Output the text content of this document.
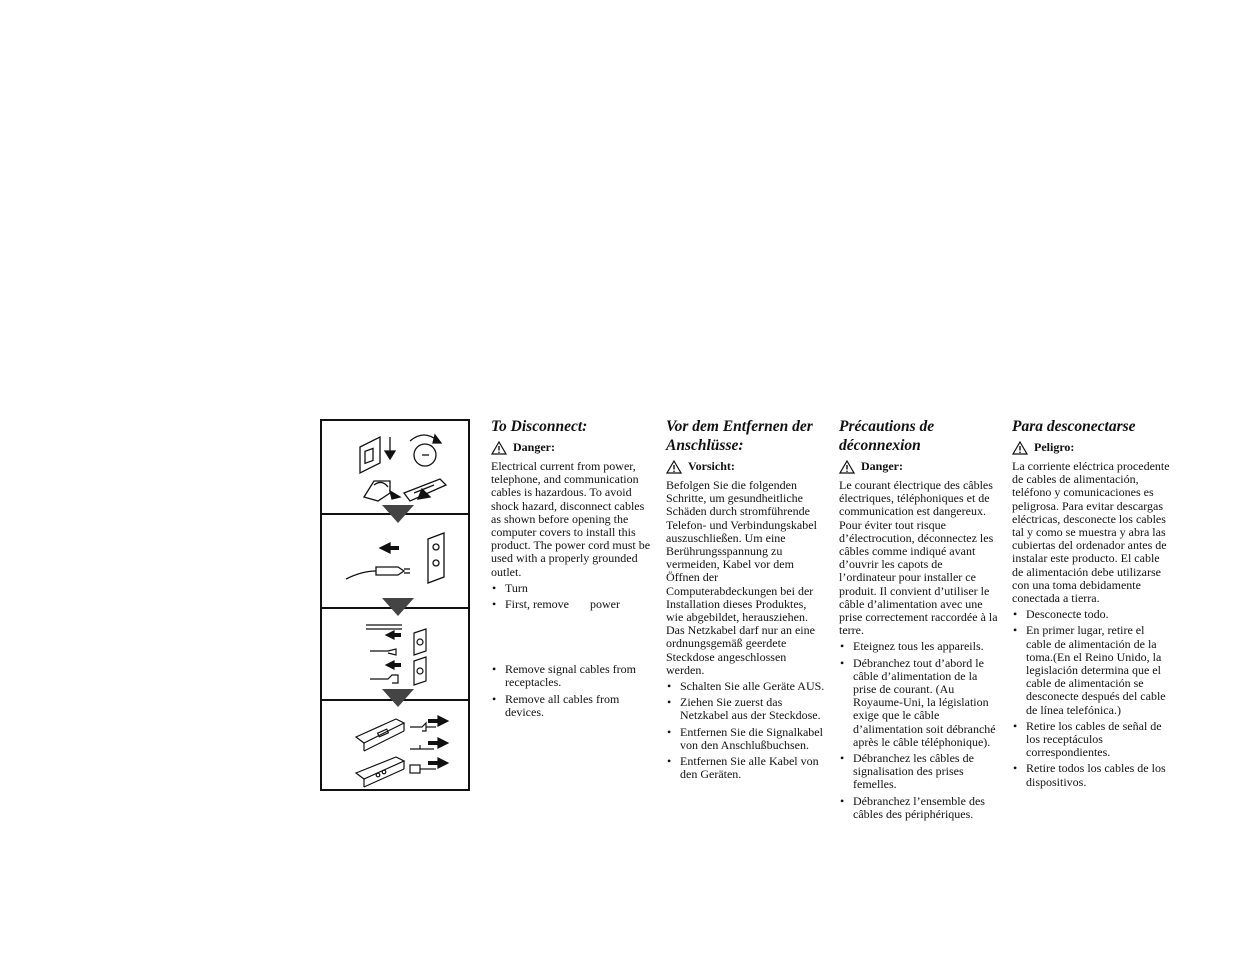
To Disconnect:
Danger:

Electrical current from power, telephone, and communication cables is hazardous. To avoid shock hazard, disconnect cables as shown before opening the computer covers to install this product. The power cord must be used with a properly grounded outlet.

• Turn
• First, remove       power
• Remove signal cables from receptacles.
• Remove all cables from devices.
Vor dem Entfernen der Anschlüsse:
Vorsicht:

Befolgen Sie die folgenden Schritte, um gesundheitliche Schäden durch stromführende Telefon- und Verbindungskabel auszuschließen. Um eine Berührungsspannung zu vermeiden, Kabel vor dem Öffnen der Computerabdeckungen bei der Installation dieses Produktes, wie abgebildet, herausziehen. Das Netzkabel darf nur an eine ordnungsgemäß geerdete Steckdose angeschlossen werden.

• Schalten Sie alle Geräte AUS.
• Ziehen Sie zuerst das Netzkabel aus der Steckdose.
• Entfernen Sie die Signalkabel von den Anschlußbuchsen.
• Entfernen Sie alle Kabel von den Geräten.
Précautions de déconnexion
Danger:

Le courant électrique des câbles électriques, téléphoniques et de communication est dangereux. Pour éviter tout risque d’électrocution, déconnectez les câbles comme indiqué avant d’ouvrir les capots de l’ordinateur pour installer ce produit. Il convient d’utiliser le câble d’alimentation avec une prise correctement raccordée à la terre.

• Eteignez tous les appareils.
• Débranchez tout d’abord le câble d’alimentation de la prise de courant. (Au Royaume-Uni, la législation exige que le câble d’alimentation soit débranché après le câble téléphonique).
• Débranchez les câbles de signalisation des prises femelles.
• Débranchez l’ensemble des câbles des périphériques.
Para desconectarse
Peligro:

La corriente eléctrica procedente de cables de alimentación, teléfono y comunicaciones es peligrosa. Para evitar descargas eléctricas, desconecte los cables tal y como se muestra y abra las cubiertas del ordenador antes de instalar este producto. El cable de alimentación debe utilizarse con una toma debidamente conectada a tierra.

• Desconecte todo.
• En primer lugar, retire el cable de alimentación de la toma.(En el Reino Unido, la legislación determina que el cable de alimentación se desconecte después del cable de línea telefónica.)
• Retire los cables de señal de los receptáculos correspondientes.
• Retire todos los cables de los dispositivos.
